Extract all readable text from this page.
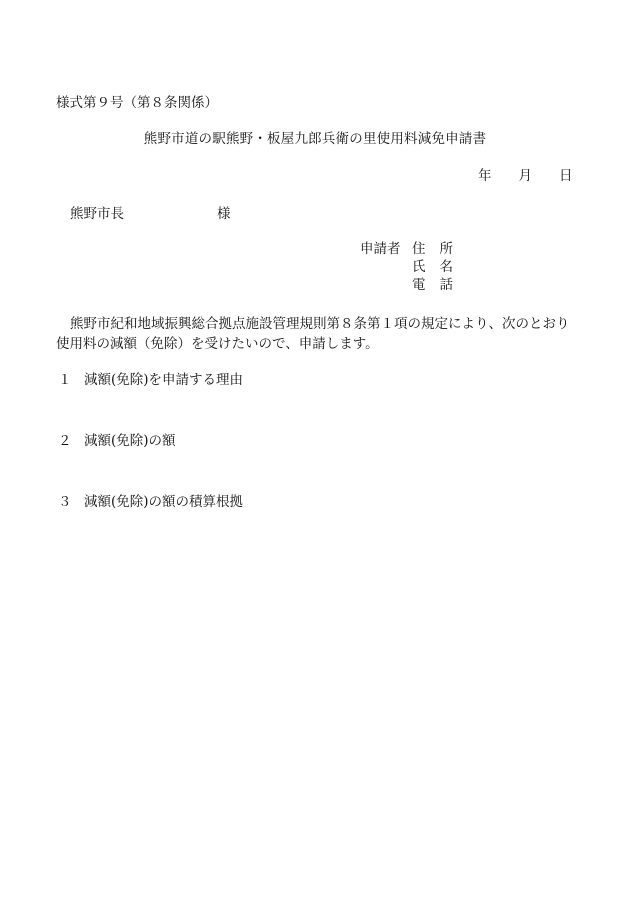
様式第９号（第８条関係）
熊野市道の駅熊野・板屋九郎兵衛の里使用料減免申請書
年 月 日
熊野市長	様
申請者 住所
氏名
電話
熊野市紀和地域振興総合拠点施設管理規則第８条第１項の規定により、次のとおり使用料の減額（免除）を受けたいので、申請します。
１ 減額(免除)を申請する理由
２ 減額(免除)の額
３ 減額(免除)の額の積算根拠
